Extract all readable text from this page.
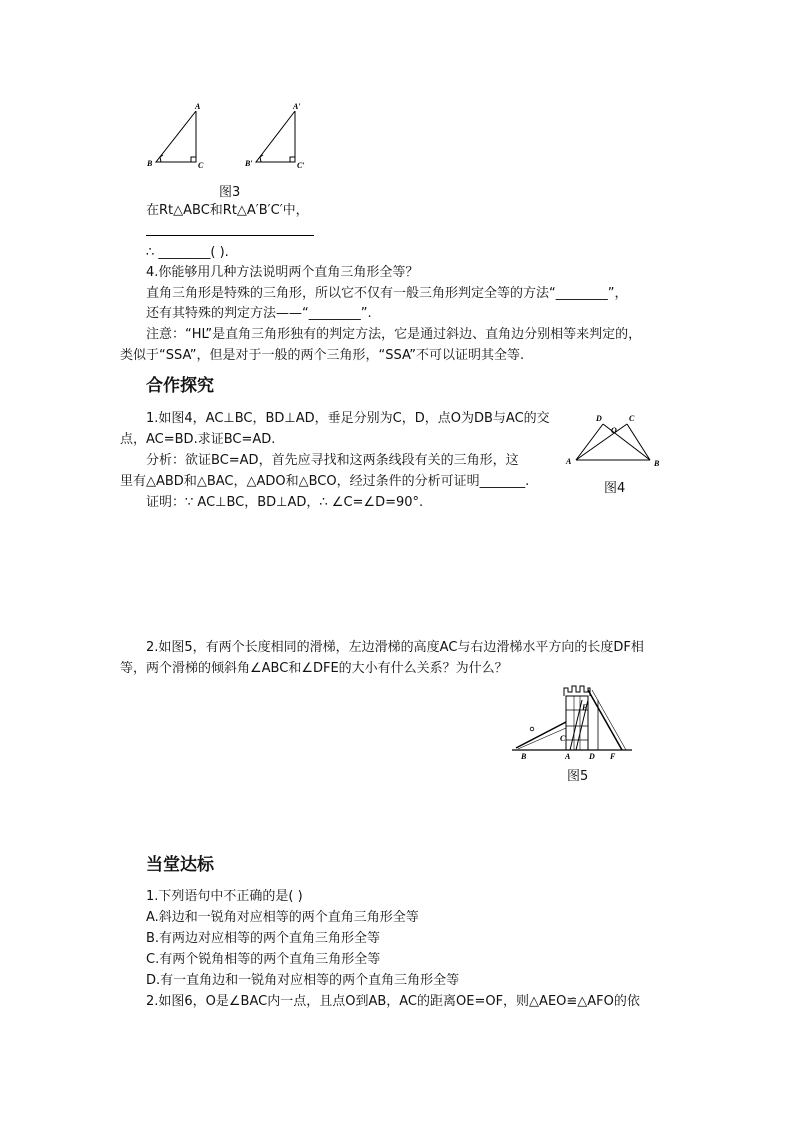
A
B	C
A′
B′	C′
图3
在Rt△ABC和Rt△A′B′C′中，
∴ ________( ).
4.你能够用几种方法说明两个直角三角形全等？
直角三角形是特殊的三角形，所以它不仅有一般三角形判定全等的方法“________”，
还有其特殊的判定方法——“________”.
注意：“HL”是直角三角形独有的判定方法，它是通过斜边、直角边分别相等来判定的，
类似于“SSA”，但是对于一般的两个三角形，“SSA”不可以证明其全等.
合作探究
1.如图4，AC⊥BC，BD⊥AD，垂足分别为C，D，点O为DB与AC的交
点，AC=BD.求证BC=AD.
分析：欲证BC=AD，首先应寻找和这两条线段有关的三角形，这
里有△ABD和△BAC，△ADO和△BCO，经过条件的分析可证明_______.
证明：∵ AC⊥BC，BD⊥AD，∴ ∠C=∠D=90°.
D
O
C
A	B
图4
2.如图5，有两个长度相同的滑梯，左边滑梯的高度AC与右边滑梯水平方向的长度DF相
等，两个滑梯的倾斜角∠ABC和∠DFE的大小有什么关系？为什么？
B
C
E
A D F
图5
当堂达标
1.下列语句中不正确的是( )
A.斜边和一锐角对应相等的两个直角三角形全等
B.有两边对应相等的两个直角三角形全等
C.有两个锐角相等的两个直角三角形全等
D.有一直角边和一锐角对应相等的两个直角三角形全等
2.如图6，O是∠BAC内一点，且点O到AB，AC的距离OE=OF，则△AEO≌△AFO的依
